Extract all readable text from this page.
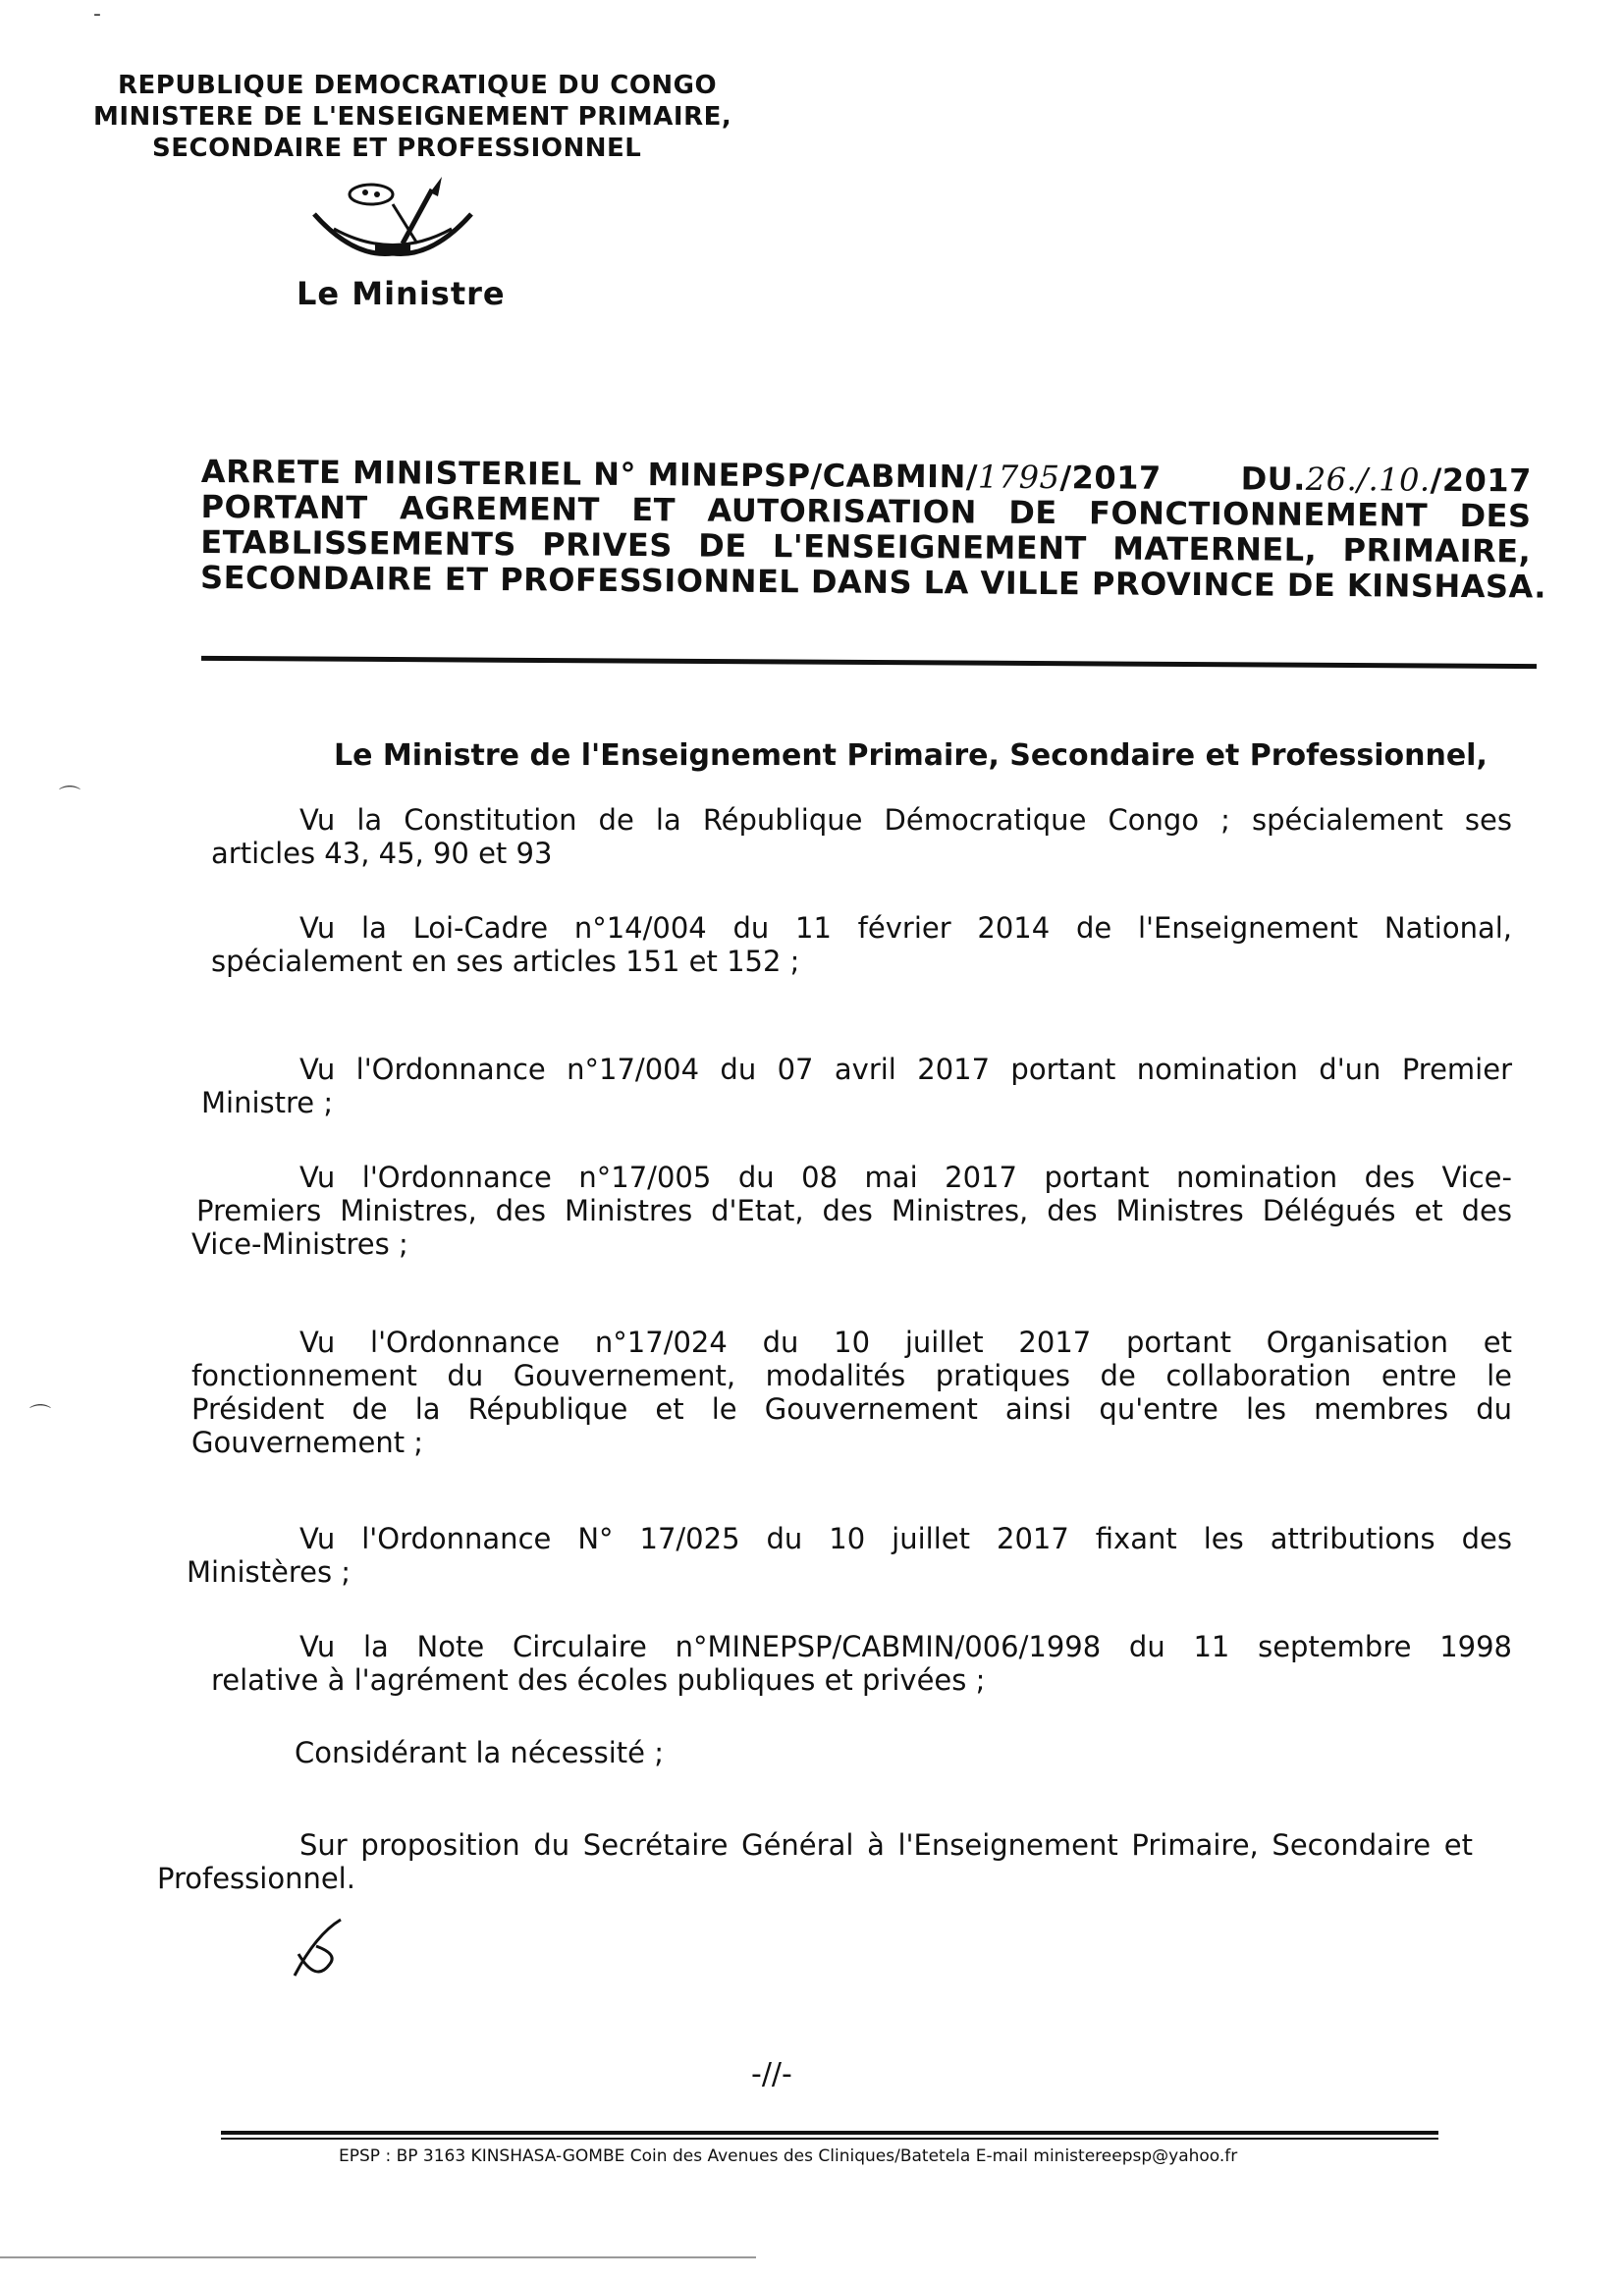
-
⌒
⌒
REPUBLIQUE DEMOCRATIQUE DU CONGO
MINISTERE DE L'ENSEIGNEMENT PRIMAIRE,
SECONDAIRE ET PROFESSIONNEL
Le Ministre
ARRETE MINISTERIEL N° MINEPSP/CABMIN/1795/2017	DU.26./.10./2017
PORTANT AGREMENT ET AUTORISATION DE FONCTIONNEMENT DES
ETABLISSEMENTS PRIVES DE L'ENSEIGNEMENT MATERNEL, PRIMAIRE,
SECONDAIRE ET PROFESSIONNEL DANS LA VILLE PROVINCE DE KINSHASA.
Le Ministre de l'Enseignement Primaire, Secondaire et Professionnel,

Vu la Constitution de la République Démocratique Congo ; spécialement ses

articles 43, 45, 90 et 93

Vu la Loi-Cadre n°14/004 du 11 février 2014 de l'Enseignement National,

spécialement en ses articles 151 et 152 ;

Vu l'Ordonnance n°17/004 du 07 avril 2017 portant nomination d'un Premier

Ministre ;

Vu l'Ordonnance n°17/005 du 08 mai 2017 portant nomination des Vice-

Premiers Ministres, des Ministres d'Etat, des Ministres, des Ministres Délégués et des

Vice-Ministres ;

Vu l'Ordonnance n°17/024 du 10 juillet 2017 portant Organisation et

fonctionnement du Gouvernement, modalités pratiques de collaboration entre le

Président de la République et le Gouvernement ainsi qu'entre les membres du

Gouvernement ;

Vu l'Ordonnance N° 17/025 du 10 juillet 2017 fixant les attributions des

Ministères ;

Vu la Note Circulaire n°MINEPSP/CABMIN/006/1998 du 11 septembre 1998

relative à l'agrément des écoles publiques et privées ;

Considérant la nécessité ;

Sur proposition du Secrétaire Général à l'Enseignement Primaire, Secondaire et

Professionnel.

-//-
EPSP : BP 3163 KINSHASA-GOMBE Coin des Avenues des Cliniques/Batetela E-mail ministereepsp@yahoo.fr
